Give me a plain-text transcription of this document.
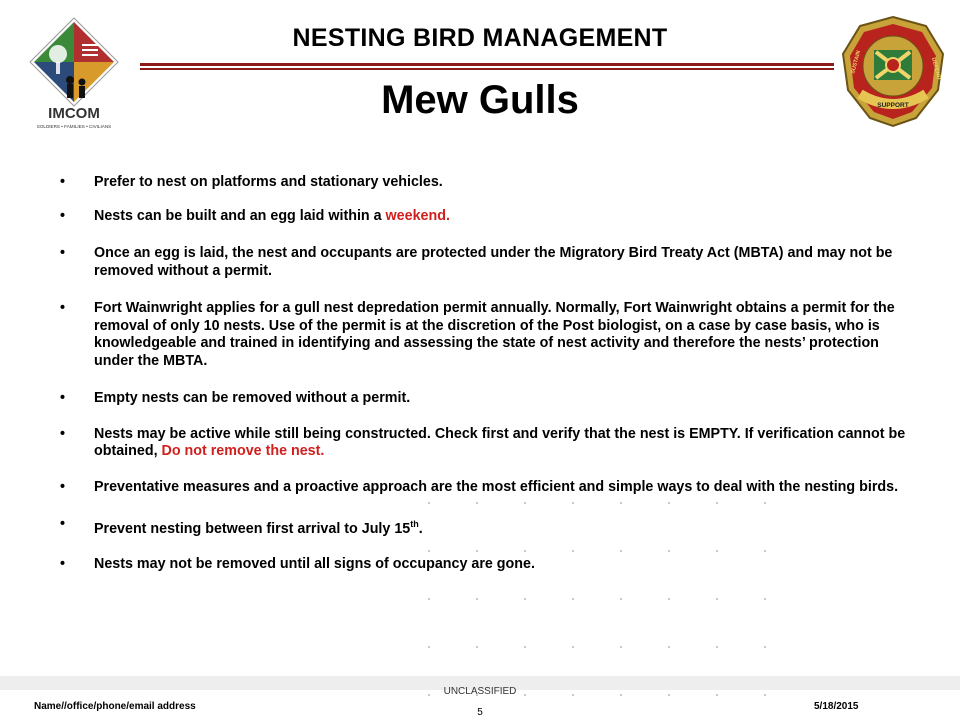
IMCOM
SOLDIERS • FAMILIES • CIVILIANS
SUPPORT
SUSTAIN	DEFEND
NESTING BIRD MANAGEMENT
Mew Gulls
• Prefer to nest on platforms and stationary vehicles.
• Nests can be built and an egg laid within a weekend.
• Once an egg is laid, the nest and occupants are protected under the Migratory Bird Treaty Act (MBTA) and may not be removed without a permit.
• Fort Wainwright applies for a gull nest depredation permit annually. Normally, Fort Wainwright obtains a permit for the removal of only 10 nests. Use of the permit is at the discretion of the Post biologist, on a case by case basis, who is knowledgeable and trained in identifying and assessing the state of nest activity and therefore the nests’ protection under the MBTA.
• Empty nests can be removed without a permit.
• Nests may be active while still being constructed. Check first and verify that the nest is EMPTY. If verification cannot be obtained, Do not remove the nest.
• Preventative measures and a proactive approach are the most efficient and simple ways to deal with the nesting birds.
• Prevent nesting between first arrival to July 15th.
• Nests may not be removed until all signs of occupancy are gone.
UNCLASSIFIED
Name//office/phone/email address
5
5/18/2015
